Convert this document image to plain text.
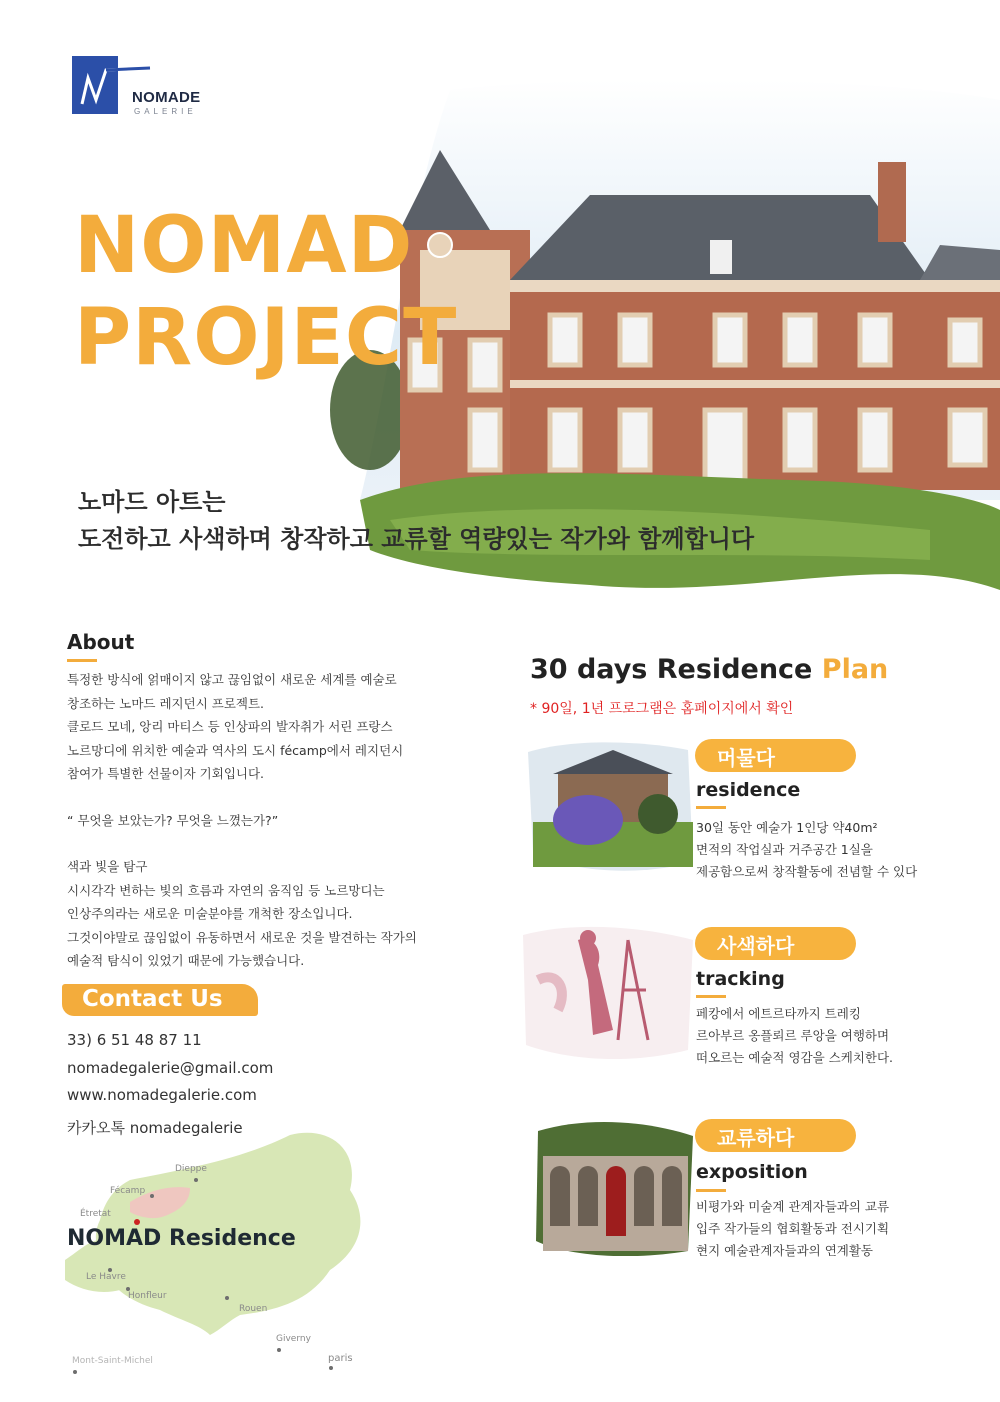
NOMADE
GALERIE
NOMAD
PROJECT
노마드 아트는
도전하고 사색하며 창작하고 교류할 역량있는 작가와 함께합니다
About

특정한 방식에 얽매이지 않고 끊임없이 새로운 세계를 예술로
창조하는 노마드 레지던시 프로젝트.
클로드 모네, 앙리 마티스 등 인상파의 발자취가 서린 프랑스
노르망디에 위치한 예술과 역사의 도시 fécamp에서 레지던시
참여가 특별한 선물이자 기회입니다.

“ 무엇을 보았는가? 무엇을 느꼈는가?”

색과 빛을 탐구
시시각각 변하는 빛의 흐름과 자연의 움직임 등 노르망디는
인상주의라는 새로운 미술분야를 개척한 장소입니다.
그것이야말로 끊임없이 유동하면서 새로운 것을 발견하는 작가의
예술적 탐식이 있었기 때문에 가능했습니다.

Contact Us
33) 6 51 48 87 11
nomadegalerie@gmail.com
www.nomadegalerie.com
카카오톡 nomadegalerie
NOMAD Residence
Dieppe
Fécamp
Étretat
Le Havre
Honfleur
Rouen
Giverny
paris
Mont-Saint-Michel
30 days Residence Plan
* 90일, 1년 프로그램은 홈페이지에서 확인
머물다
residence
30일 동안 예술가 1인당 약40m²
면적의 작업실과 거주공간 1실을
제공함으로써 창작활동에 전념할 수 있다
사색하다
tracking
페캉에서 에트르타까지 트레킹
르아부르 옹플뢰르 루앙을 여행하며
떠오르는 예술적 영감을 스케치한다.
교류하다
exposition
비평가와 미술계 관계자들과의 교류
입주 작가들의 협회활동과 전시기획
현지 예술관계자들과의 연계활동
